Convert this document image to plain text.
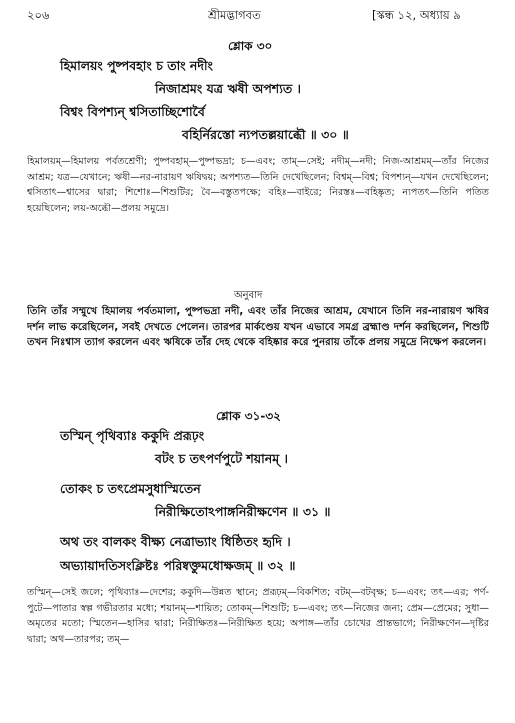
২০৬	শ্রীমদ্ভাগবত	[স্কন্ধ ১২, অধ্যায় ৯
শ্লোক ৩০
হিমালয়ং পুষ্পবহাং চ তাং নদীং
নিজাশ্রমং যত্র ঋষী অপশ্যত ।
বিশ্বং বিপশ্যন্ শ্বসিতাচ্ছিশোর্বৈ
বহির্নিরস্তো ন্যপতল্লয়াব্ধৌ ॥ ৩০ ॥
হিমালয়ম্—হিমালয় পর্বতশ্রেণী; পুষ্পবহাম্—পুষ্পভদ্রা; চ—এবং; তাম্—সেই; নদীম্—নদী; নিজ-আশ্রমম্—তাঁর নিজের আশ্রম; যত্র—যেখানে; ঋষী—নর-নারায়ণ ঋষিদ্বয়; অপশ্যত—তিনি দেখেছিলেন; বিশ্বম্—বিশ্ব; বিপশ্যন্—যখন দেখেছিলেন; শ্বসিতাৎ—শ্বাসের দ্বারা; শিশোঃ—শিশুটির; বৈ—বস্তুতপক্ষে; বহিঃ—বাইরে; নিরস্তঃ—বহিষ্কৃত; ন্যপতৎ—তিনি পতিত হয়েছিলেন; লয়-অব্ধৌ—প্রলয় সমুদ্রে।
অনুবাদ
তিনি তাঁর সম্মুখে হিমালয় পর্বতমালা, পুষ্পভদ্রা নদী, এবং তাঁর নিজের আশ্রম, যেখানে তিনি নর-নারায়ণ ঋষির দর্শন লাভ করেছিলেন, সবই দেখতে পেলেন। তারপর মার্কণ্ডেয় যখন এভাবে সমগ্র ব্রহ্মাণ্ড দর্শন করছিলেন, শিশুটি তখন নিঃশ্বাস ত্যাগ করলেন এবং ঋষিকে তাঁর দেহ থেকে বহিষ্কার করে পুনরায় তাঁকে প্রলয় সমুদ্রে নিক্ষেপ করলেন।
শ্লোক ৩১-৩২
তস্মিন্ পৃথিব্যাঃ ককুদি প্ররূঢ়ং
বটং চ তৎপর্ণপুটে শয়ানম্ ।
তোকং চ তৎপ্রেমসুধাস্মিতেন
নিরীক্ষিতোঽপাঙ্গনিরীক্ষণেন ॥ ৩১ ॥
অথ তং বালকং বীক্ষ্য নেত্রাভ্যাং ধিষ্ঠিতং হৃদি ।
অভ্যায়াদতিসংক্লিষ্টঃ পরিষ্বক্তুমধোক্ষজম্ ॥ ৩২ ॥
তস্মিন্—সেই জলে; পৃথিব্যাঃ—দেশের; ককুদি—উন্নত স্থানে; প্ররূঢ়ম্—বিকশিত; বটম্—বটবৃক্ষ; চ—এবং; তৎ—এর; পর্ণ-পুটে—পাতার স্বল্প গভীরতার মধ্যে; শয়ানম্—শায়িত; তোকম্—শিশুটি; চ—এবং; তৎ—নিজের জন্য; প্রেম—প্রেমের; সুধা—অমৃতের মতো; স্মিতেন—হাসির দ্বারা; নিরীক্ষিতঃ—নিরীক্ষিত হয়ে; অপাঙ্গ—তাঁর চোখের প্রান্তভাগে; নিরীক্ষণেন—দৃষ্টির দ্বারা; অথ—তারপর; তম্—
